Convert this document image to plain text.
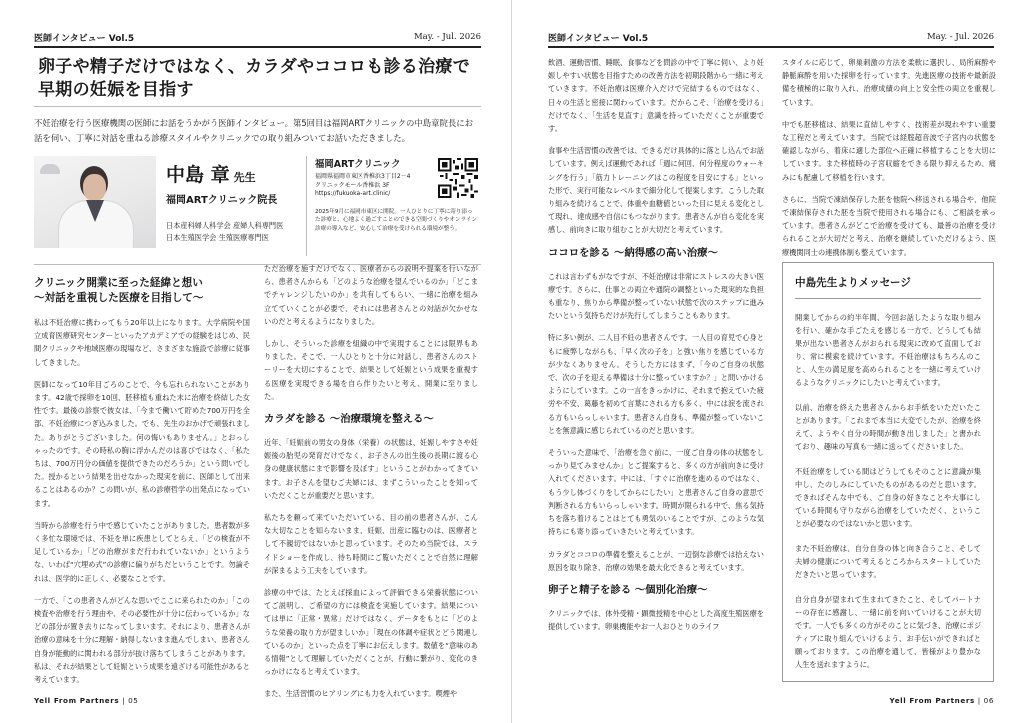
医師インタビュー Vol.5	May. - Jul. 2026
卵子や精子だけではなく、カラダやココロも診る治療で
早期の妊娠を目指す

不妊治療を行う医療機関の医師にお話をうかがう医師インタビュー。第5回目は福岡ARTクリニックの中島章院長にお話を伺い、丁寧に対話を重ねる診療スタイルやクリニックでの取り組みついてお話いただきました。

中島 章 先生
福岡ARTクリニック院長
日本産科婦人科学会 産婦人科専門医
日本生殖医学会 生殖医療専門医
福岡ARTクリニック
福岡県福岡市東区香椎浜3丁目2－4
クリニックモール香椎浜 3F
https://fukuoka-art.clinic/
2025年9月に福岡市東区に開院。一人ひとりに丁寧に寄り添った診療と、心地よく過ごすことのできる空間づくりやオンライン診療の導入など、安心して治療を受けられる環境が整う。
クリニック開業に至った経緯と想い
～対話を重視した医療を目指して～

私は不妊治療に携わってもう20年以上になります。大学病院や国立成育医療研究センターといったアカデミアでの経験をはじめ、民間クリニックや地域医療の現場など、さまざまな施設で診療に従事してきました。

医師になって10年目ごろのことで、今も忘れられないことがあります。42歳で採卵を10回、胚移植も重ねた末に治療を終結した女性です。最後の診察で彼女は、「今まで働いて貯めた700万円を全部、不妊治療につぎ込みました。でも、先生のおかげで頑張れました。ありがとうございました。何の悔いもありません。」とおっしゃったのです。その時私の胸に浮かんだのは喜びではなく、「私たちは、700万円分の価値を提供できたのだろうか」という問いでした。授かるという結果を出せなかった現実を前に、医師として出来ることはあるのか？この問いが、私の診療哲学の出発点になっています。

当時から診療を行う中で感じていたことがありました。患者数が多く多忙な環境では、不妊を単に疾患としてとらえ、「どの検査が不足しているか」「どの治療がまだ行われていないか」というような、いわば“穴埋め式”の診療に偏りがちだということです。勿論それは、医学的に正しく、必要なことです。

一方で、「この患者さんがどんな思いでここに来られたのか」「この検査や治療を行う理由や、その必要性が十分に伝わっているか」などの部分が置き去りになってしまいます。それにより、患者さんが治療の意味を十分に理解・納得しないまま進んでしまい、患者さん自身が能動的に関われる部分が抜け落ちてしまうことがあります。私は、それが結果として妊娠という成果を遠ざける可能性があると考えています。

ただ治療を施すだけでなく、医療者からの説明や提案を行いながら、患者さんからも「どのような治療を望んでいるのか」「どこまでチャレンジしたいのか」を共有してもらい、一緒に治療を組み立てていくことが必要で、それには患者さんとの対話が欠かせないのだと考えるようになりました。

しかし、そういった診療を組織の中で実現することには限界もありました。そこで、一人ひとりと十分に対話し、患者さんのストーリーを大切にすることで、結果として妊娠という成果を重視する医療を実現できる場を自ら作りたいと考え、開業に至りました。

カラダを診る ～治療環境を整える～

近年、「妊娠前の男女の身体（栄養）の状態は、妊娠しやすさや妊娠後の胎児の発育だけでなく、お子さんの出生後の長期に渡る心身の健康状態にまで影響を及ぼす」ということがわかってきています。お子さんを望むご夫婦には、まずこういったことを知っていただくことが重要だと思います。

私たちを頼って来ていただいている、目の前の患者さんが、こんな大切なことを知らないまま、妊娠、出産に臨むのは、医療者として不親切ではないかと思っています。そのため当院では、スライドショーを作成し、待ち時間にご覧いただくことで自然に理解が深まるよう工夫をしています。

診療の中では、たとえば採血によって評価できる栄養状態についてご説明し、ご希望の方には検査を実施しています。結果については単に「正常・異常」だけではなく、データをもとに「どのような栄養の取り方が望ましいか」「現在の体調や症状とどう関連しているのか」といった点を丁寧にお伝えします。数値を“意味のある情報”として理解していただくことが、行動に繋がり、変化のきっかけになると考えています。

また、生活習慣のヒアリングにも力を入れています。喫煙や

Yell From Partners | 05
医師インタビュー Vol.5	May. - Jul. 2026

飲酒、運動習慣、睡眠、食事などを問診の中で丁寧に伺い、より妊娠しやすい状態を目指すための改善方法を初期段階から一緒に考えていきます。不妊治療は医療介入だけで完結するものではなく、日々の生活と密接に関わっています。だからこそ、「治療を受ける」だけでなく、「生活を見直す」意識を持っていただくことが重要です。

食事や生活習慣の改善では、できるだけ具体的に落とし込んでお話しています。例えば運動であれば「週に何回、何分程度のウォーキングを行う」「筋力トレーニングはこの程度を目安にする」といった形で、実行可能なレベルまで細分化して提案します。こうした取り組みを続けることで、体重や血糖値といった目に見える変化として現れ、達成感や自信にもつながります。患者さんが自ら変化を実感し、前向きに取り組むことが大切だと考えています。

ココロを診る ～納得感の高い治療～

これは言わずもがなですが、不妊治療は非常にストレスの大きい医療です。さらに、仕事との両立や通院の調整といった現実的な負担も重なり、焦りから準備が整っていない状態で次のステップに進みたいという気持ちだけが先行してしまうこともあります。

特に多い例が、二人目不妊の患者さんです。一人目の育児で心身ともに疲弊しながらも、「早く次の子を」と強い焦りを感じている方が少なくありません。そうした方にはまず、「今のご自身の状態で、次の子を迎える準備は十分に整っていますか？」と問いかけるようにしています。この一言をきっかけに、それまで抱えていた疲労や不安、葛藤を初めて言葉にされる方も多く、中には涙を流される方もいらっしゃいます。患者さん自身も、準備が整っていないことを無意識に感じられているのだと思います。

そういった意味で、「治療を急ぐ前に、一度ご自身の体の状態をしっかり見てみませんか」とご提案すると、多くの方が前向きに受け入れてくださいます。中には、「すぐに治療を進めるのではなく、もう少し体づくりをしてからにしたい」と患者さんご自身の意思で判断される方もいらっしゃいます。時間が限られる中で、焦る気持ちを落ち着けることはとても勇気のいることですが、このような気持ちにも寄り添っていきたいと考えています。

カラダとココロの準備を整えることが、一辺倒な診療では拾えない原因を取り除き、治療の効果を最大化できると考えています。

卵子と精子を診る ～個別化治療～

クリニックでは、体外受精・顕微授精を中心とした高度生殖医療を提供しています。卵巣機能やお一人おひとりのライフ

スタイルに応じて、卵巣刺激の方法を柔軟に選択し、局所麻酔や静脈麻酔を用いた採卵を行っています。先進医療の技術や最新設備を積極的に取り入れ、治療成績の向上と安全性の両立を重視しています。

中でも胚移植は、結果に直結しやすく、技術差が現れやすい重要な工程だと考えています。当院では経腟超音波で子宮内の状態を確認しながら、着床に適した部位へ正確に移植することを大切にしています。また移植時の子宮収縮をできる限り抑えるため、痛みにも配慮して移植を行います。

さらに、当院で凍結保存した胚を他院へ移送される場合や、他院で凍結保存された胚を当院で使用される場合にも、ご相談を承っています。患者さんがどこで治療を受けても、最善の治療を受けられることが大切だと考え、治療を継続していただけるよう、医療機関同士の連携体制も整えています。

Yell From Partners | 06
中島先生よりメッセージ

開業してからの約半年間、今回お話したような取り組みを行い、確かな手ごたえを感じる一方で、どうしても結果が出ない患者さんがおられる現実に改めて直面しており、常に模索を続けています。不妊治療はもちろんのこと、人生の満足度を高められることを一緒に考えていけるようなクリニックにしたいと考えています。

以前、治療を終えた患者さんからお手紙をいただいたことがあります。「これまで本当に大変でしたが、治療を終えて、ようやく自分の時間が動き出しました」と書かれており、趣味の写真も一緒に送ってくださいました。

不妊治療をしている間はどうしてもそのことに意識が集中し、たのしみにしていたものがあるのだと思います。できればそんな中でも、ご自身の好きなことや大事にしている時間も守りながら治療をしていただく、ということが必要なのではないかと思います。

また不妊治療は、自分自身の体と向き合うこと、そして夫婦の健康について考えるところからスタートしていただきたいと思っています。

自分自身が望まれて生まれてきたこと、そしてパートナーの存在に感謝し、一緒に前を向いていけることが大切です。一人でも多くの方がそのことに気づき、治療にポジティブに取り組んでいけるよう、お手伝いができればと願っております。この治療を通して、皆様がより豊かな人生を送れますように。
